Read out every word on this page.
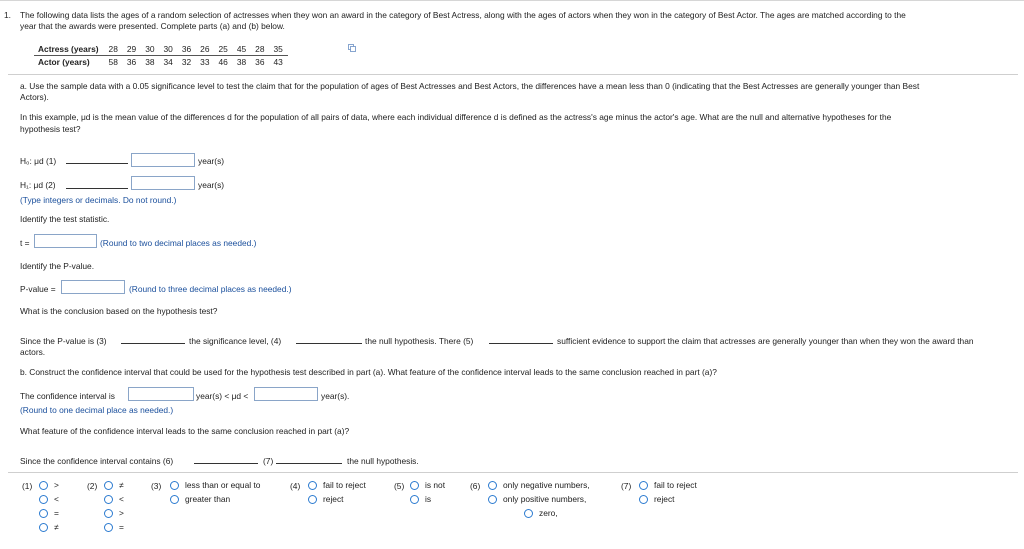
1. The following data lists the ages of a random selection of actresses when they won an award in the category of Best Actress, along with the ages of actors when they won in the category of Best Actor. The ages are matched according to the
year that the awards were presented. Complete parts (a) and (b) below.
Actress (years)	28	29	30	30	36	26	25	45	28	35
Actor (years)	58	36	38	34	32	33	46	38	36	43
a. Use the sample data with a 0.05 significance level to test the claim that for the population of ages of Best Actresses and Best Actors, the differences have a mean less than 0 (indicating that the Best Actresses are generally younger than Best
Actors).
In this example, μd is the mean value of the differences d for the population of all pairs of data, where each individual difference d is defined as the actress's age minus the actor's age. What are the null and alternative hypotheses for the
hypothesis test?
H₀: μd (1)	year(s)
H₁: μd (2)	year(s)
(Type integers or decimals. Do not round.)
Identify the test statistic.
t =	(Round to two decimal places as needed.)
Identify the P-value.
P-value =	(Round to three decimal places as needed.)
What is the conclusion based on the hypothesis test?
Since the P-value is (3)	the significance level, (4)	the null hypothesis. There (5)	sufficient evidence to support the claim that actresses are generally younger than when they won the award than
actors.
b. Construct the confidence interval that could be used for the hypothesis test described in part (a). What feature of the confidence interval leads to the same conclusion reached in part (a)?
The confidence interval is	year(s) < μd <	year(s).
(Round to one decimal place as needed.)
What feature of the confidence interval leads to the same conclusion reached in part (a)?
Since the confidence interval contains (6)	(7)	the null hypothesis.
(1)	>
<
=
≠
(2)	≠
<
>
=
(3)	less than or equal to
greater than
(4)	fail to reject
reject
(5) is not
is
(6)	only negative numbers,
only positive numbers,
zero,
(7)	fail to reject
reject
